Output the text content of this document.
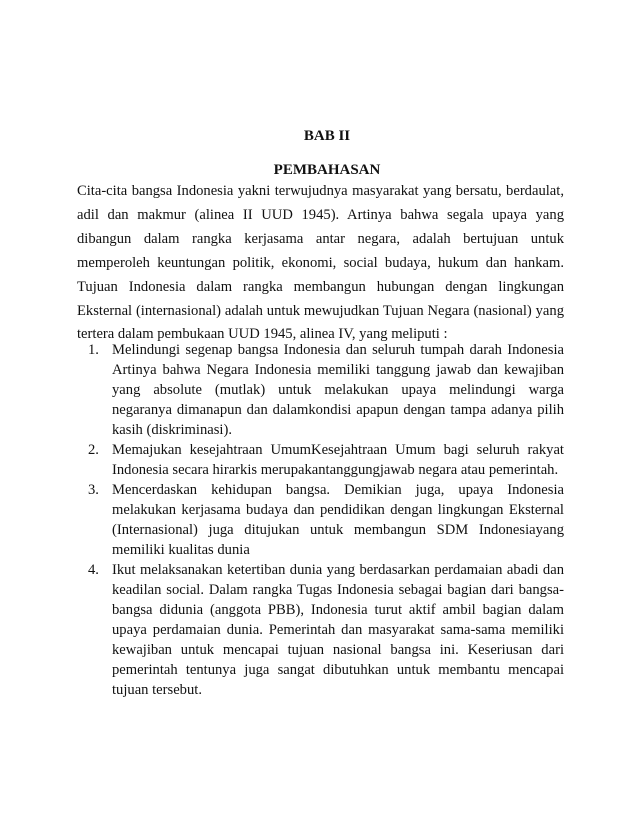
BAB II
PEMBAHASAN
Cita-cita bangsa Indonesia yakni terwujudnya masyarakat yang bersatu, berdaulat,
adil dan makmur (alinea II UUD 1945). Artinya bahwa segala upaya yang
dibangun dalam rangka kerjasama antar negara, adalah bertujuan untuk
memperoleh keuntungan politik, ekonomi, social budaya, hukum dan hankam.
Tujuan Indonesia dalam rangka membangun hubungan dengan lingkungan
Eksternal (internasional) adalah untuk mewujudkan Tujuan Negara (nasional) yang
tertera dalam pembukaan UUD 1945, alinea IV, yang meliputi :
1. Melindungi segenap bangsa Indonesia dan seluruh tumpah darah Indonesia
Artinya bahwa Negara Indonesia memiliki tanggung jawab dan kewajiban
yang absolute (mutlak) untuk melakukan upaya melindungi warga
negaranya dimanapun dan dalamkondisi apapun dengan tampa adanya pilih
kasih (diskriminasi).
2. Memajukan kesejahtraan UmumKesejahtraan Umum bagi seluruh rakyat
Indonesia secara hirarkis merupakantanggungjawab negara atau pemerintah.
3. Mencerdaskan kehidupan bangsa. Demikian juga, upaya Indonesia
melakukan kerjasama budaya dan pendidikan dengan lingkungan Eksternal
(Internasional) juga ditujukan untuk membangun SDM Indonesiayang
memiliki kualitas dunia
4. Ikut melaksanakan ketertiban dunia yang berdasarkan perdamaian abadi dan
keadilan social. Dalam rangka Tugas Indonesia sebagai bagian dari bangsa-
bangsa didunia (anggota PBB), Indonesia turut aktif ambil bagian dalam
upaya perdamaian dunia. Pemerintah dan masyarakat sama-sama memiliki
kewajiban untuk mencapai tujuan nasional bangsa ini. Keseriusan dari
pemerintah tentunya juga sangat dibutuhkan untuk membantu mencapai
tujuan tersebut.
